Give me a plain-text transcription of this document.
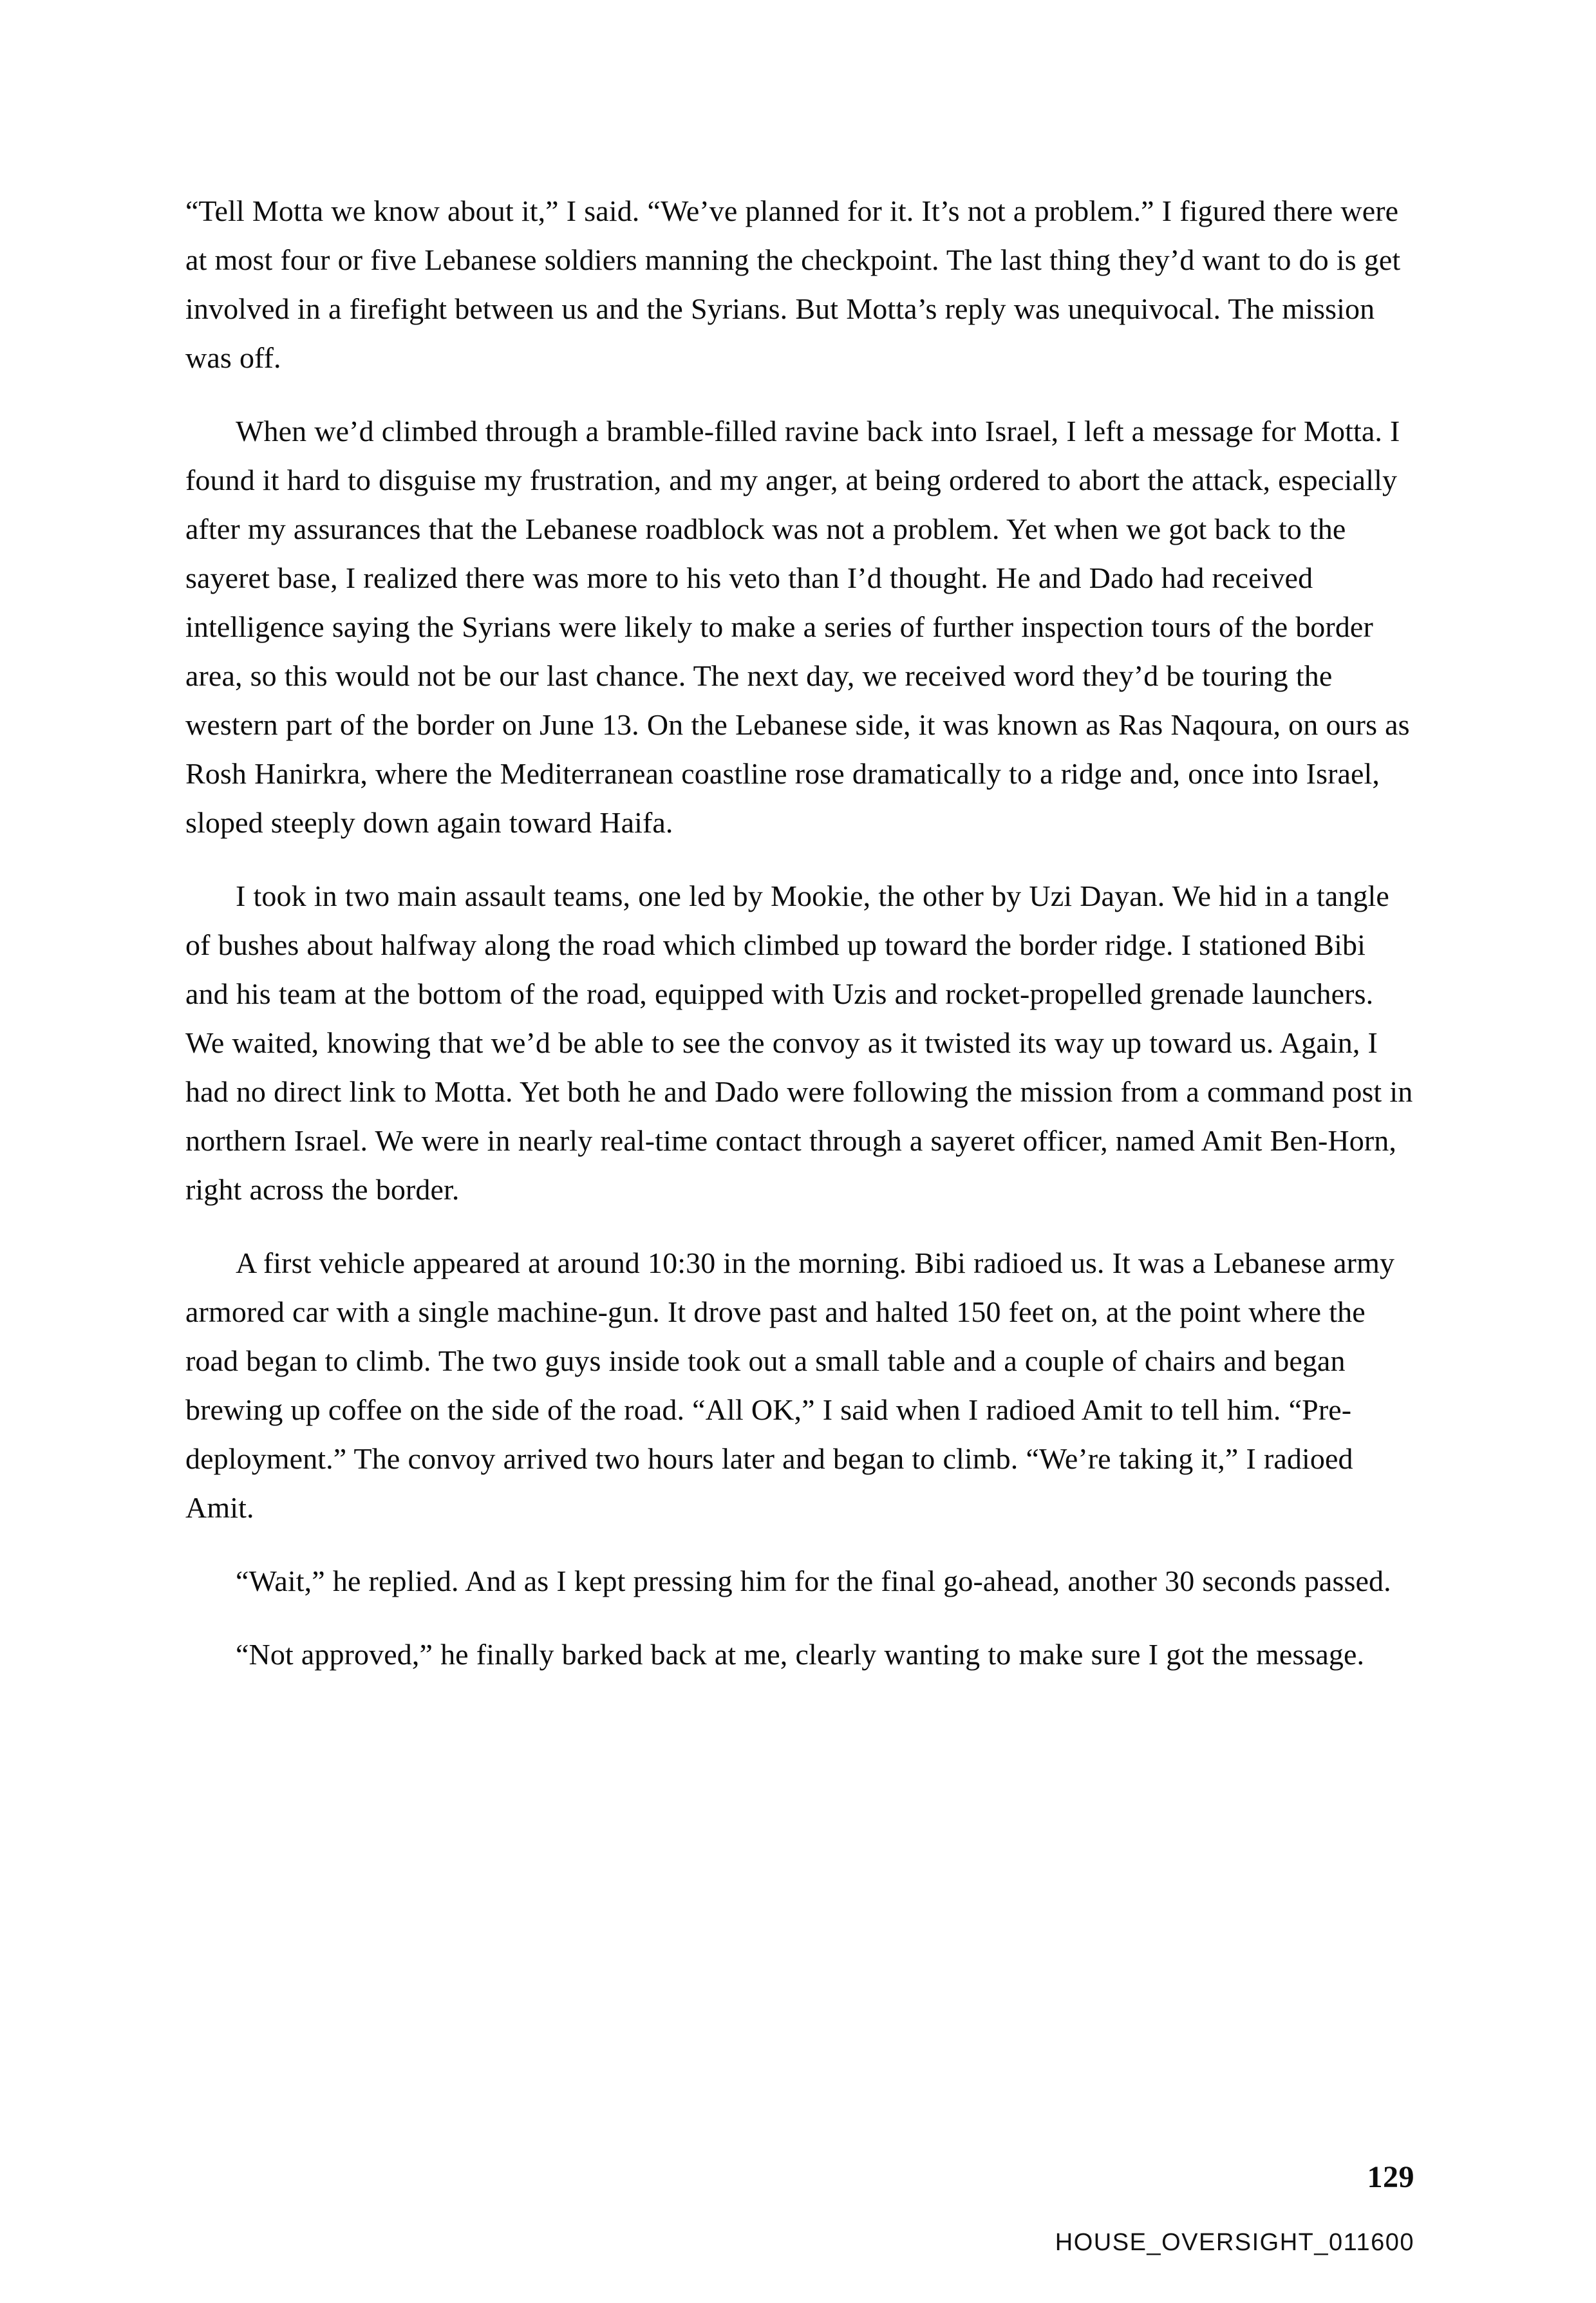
“Tell Motta we know about it,” I said. “We’ve planned for it. It’s not a problem.” I figured there were at most four or five Lebanese soldiers manning the checkpoint. The last thing they’d want to do is get involved in a firefight between us and the Syrians. But Motta’s reply was unequivocal. The mission was off.

When we’d climbed through a bramble-filled ravine back into Israel, I left a message for Motta. I found it hard to disguise my frustration, and my anger, at being ordered to abort the attack, especially after my assurances that the Lebanese roadblock was not a problem. Yet when we got back to the sayeret base, I realized there was more to his veto than I’d thought. He and Dado had received intelligence saying the Syrians were likely to make a series of further inspection tours of the border area, so this would not be our last chance. The next day, we received word they’d be touring the western part of the border on June 13. On the Lebanese side, it was known as Ras Naqoura, on ours as Rosh Hanirkra, where the Mediterranean coastline rose dramatically to a ridge and, once into Israel, sloped steeply down again toward Haifa.

I took in two main assault teams, one led by Mookie, the other by Uzi Dayan. We hid in a tangle of bushes about halfway along the road which climbed up toward the border ridge. I stationed Bibi and his team at the bottom of the road, equipped with Uzis and rocket-propelled grenade launchers. We waited, knowing that we’d be able to see the convoy as it twisted its way up toward us. Again, I had no direct link to Motta. Yet both he and Dado were following the mission from a command post in northern Israel. We were in nearly real-time contact through a sayeret officer, named Amit Ben-Horn, right across the border.

A first vehicle appeared at around 10:30 in the morning. Bibi radioed us. It was a Lebanese army armored car with a single machine-gun. It drove past and halted 150 feet on, at the point where the road began to climb. The two guys inside took out a small table and a couple of chairs and began brewing up coffee on the side of the road. “All OK,” I said when I radioed Amit to tell him. “Pre-deployment.” The convoy arrived two hours later and began to climb. “We’re taking it,” I radioed Amit.

“Wait,” he replied. And as I kept pressing him for the final go-ahead, another 30 seconds passed.

“Not approved,” he finally barked back at me, clearly wanting to make sure I got the message.

129
HOUSE_OVERSIGHT_011600
